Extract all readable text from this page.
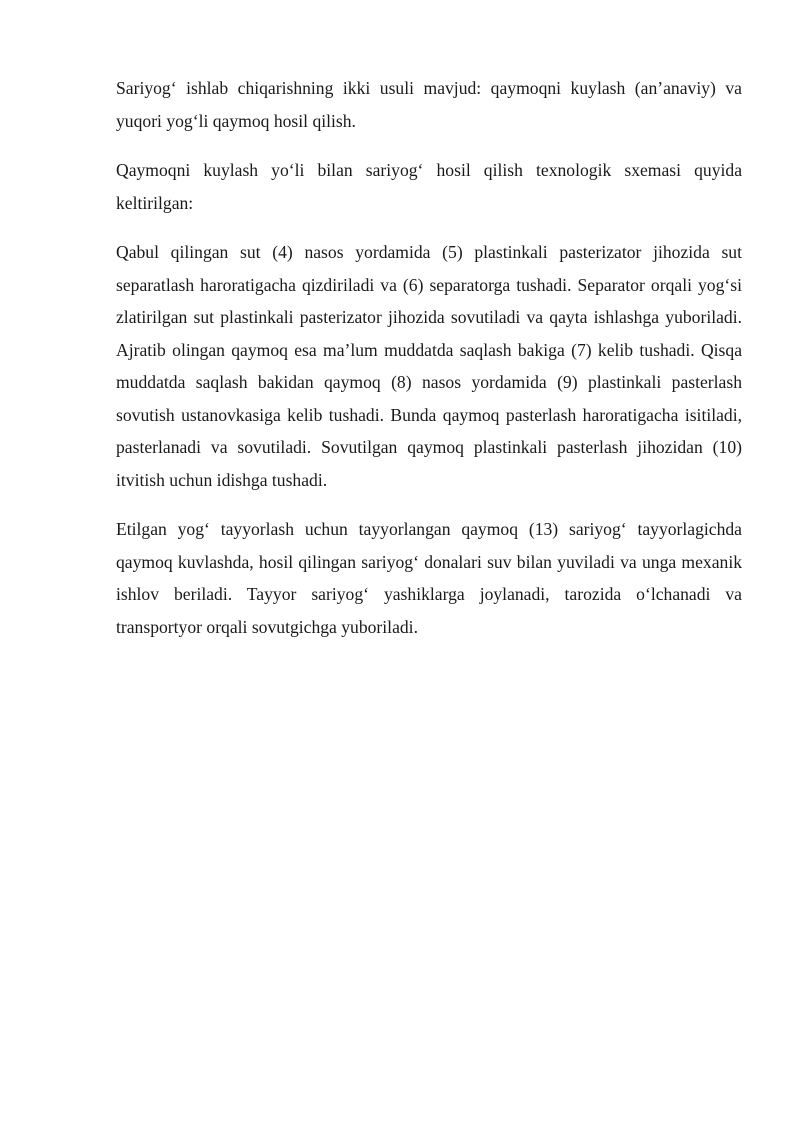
Sariyog‘ ishlab chiqarishning ikki usuli mavjud: qaymoqni kuylash (an’anaviy) va yuqori yog‘li qaymoq hosil qilish.

Qaymoqni kuylash yo‘li bilan sariyog‘ hosil qilish texnologik sxemasi quyida keltirilgan:

Qabul qilingan sut (4) nasos yordamida (5) plastinkali pasterizator jihozida sut separatlash haroratigacha qizdiriladi va (6) separatorga tushadi. Separator orqali yog‘si zlatirilgan sut plastinkali pasterizator jihozida sovutiladi va qayta ishlashga yuboriladi. Ajratib olingan qaymoq esa ma’lum muddatda saqlash bakiga (7) kelib tushadi. Qisqa muddatda saqlash bakidan qaymoq (8) nasos yordamida (9) plastinkali pasterlash sovutish ustanovkasiga kelib tushadi. Bunda qaymoq pasterlash haroratigacha isitiladi, pasterlanadi va sovutiladi. Sovutilgan qaymoq plastinkali pasterlash jihozidan (10) itvitish uchun idishga tushadi.

Etilgan yog‘ tayyorlash uchun tayyorlangan qaymoq (13) sariyog‘ tayyorlagichda qaymoq kuvlashda, hosil qilingan sariyog‘ donalari suv bilan yuviladi va unga mexanik ishlov beriladi. Tayyor sariyog‘ yashiklarga joylanadi, tarozida o‘lchanadi va transportyor orqali sovutgichga yuboriladi.
